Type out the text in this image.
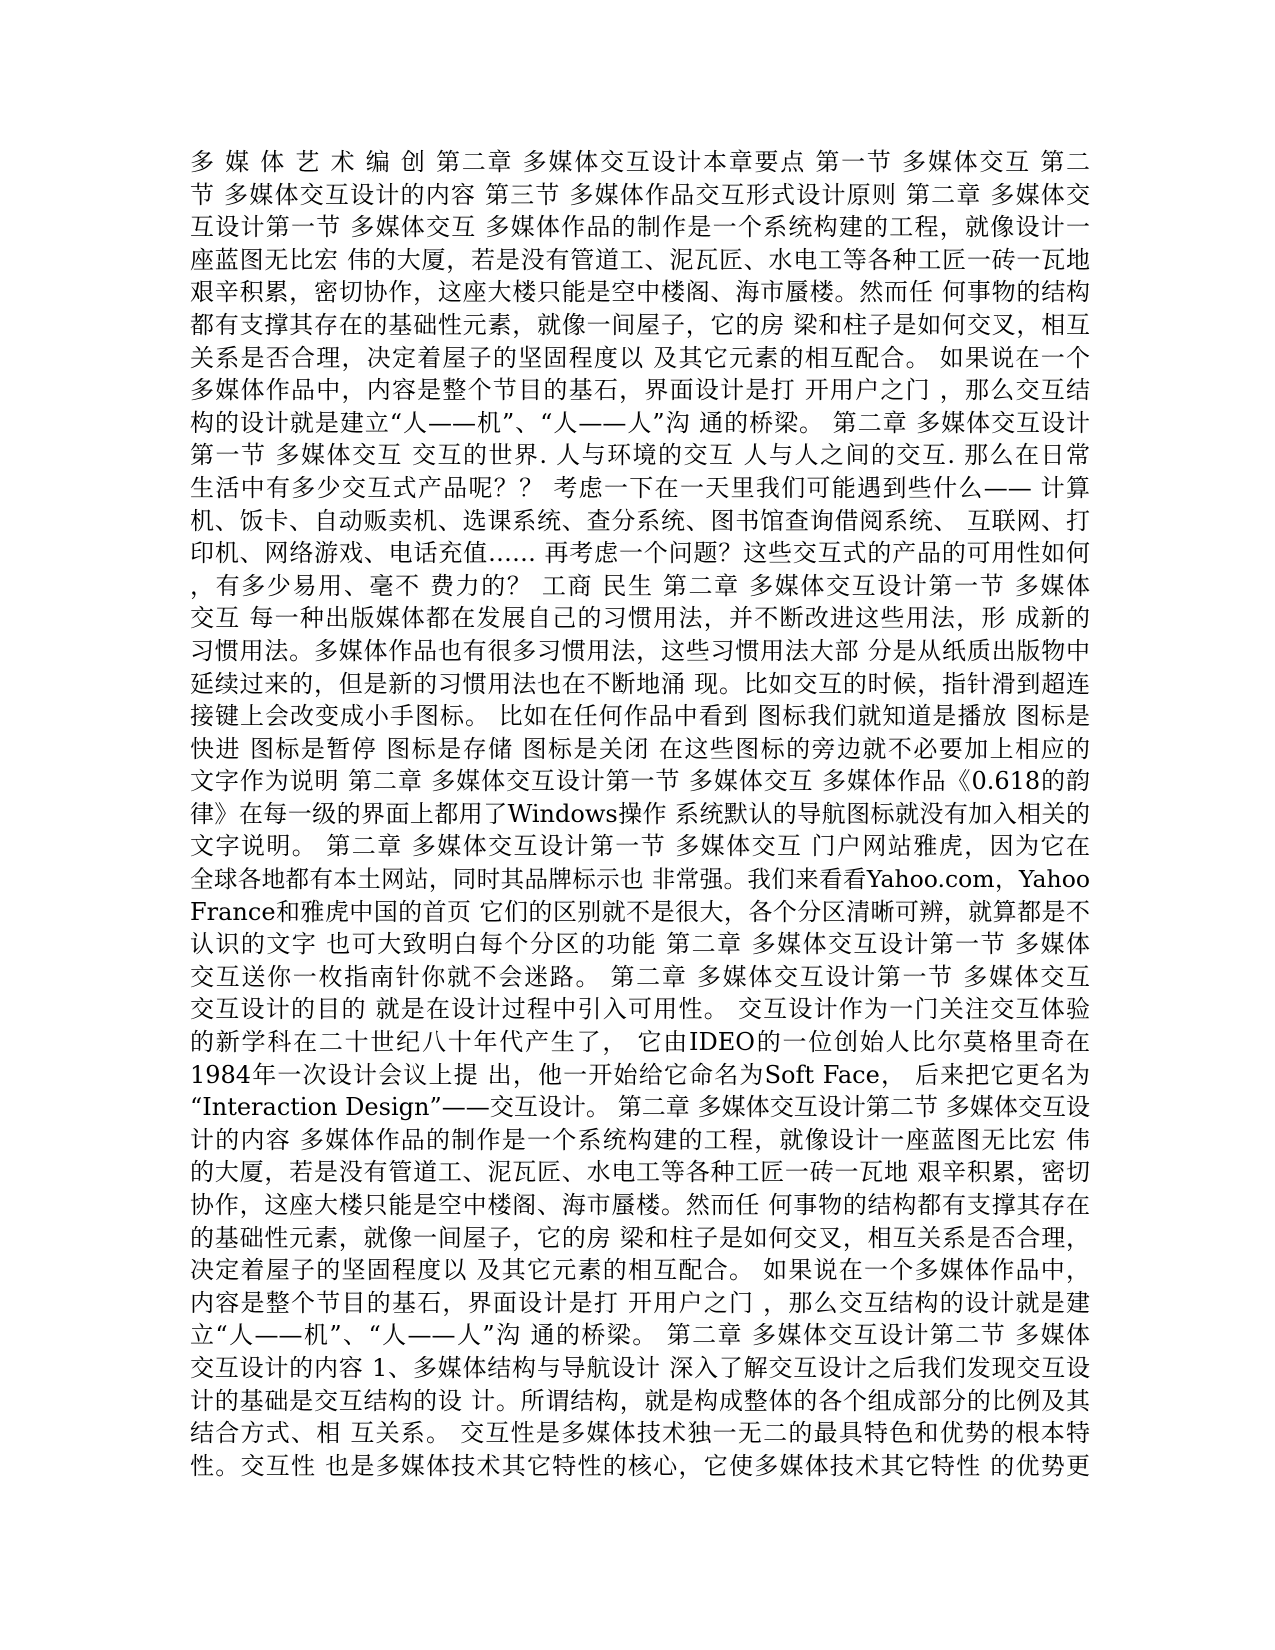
多 媒 体 艺 术 编 创 第二章 多媒体交互设计本章要点 第一节 多媒体交互 第二
节 多媒体交互设计的内容 第三节 多媒体作品交互形式设计原则 第二章 多媒体交
互设计第一节 多媒体交互 多媒体作品的制作是一个系统构建的工程，就像设计一
座蓝图无比宏 伟的大厦，若是没有管道工、泥瓦匠、水电工等各种工匠一砖一瓦地
艰辛积累，密切协作，这座大楼只能是空中楼阁、海市蜃楼。然而任 何事物的结构
都有支撑其存在的基础性元素，就像一间屋子，它的房 梁和柱子是如何交叉，相互
关系是否合理，决定着屋子的坚固程度以 及其它元素的相互配合。 如果说在一个
多媒体作品中，内容是整个节目的基石，界面设计是打 开用户之门 ，那么交互结
构的设计就是建立“人——机”、“人——人”沟 通的桥梁。 第二章 多媒体交互设计
第一节 多媒体交互 交互的世界. 人与环境的交互 人与人之间的交互. 那么在日常
生活中有多少交互式产品呢？？ 考虑一下在一天里我们可能遇到些什么—— 计算
机、饭卡、自动贩卖机、选课系统、查分系统、图书馆查询借阅系统、 互联网、打
印机、网络游戏、电话充值…… 再考虑一个问题？这些交互式的产品的可用性如何
，有多少易用、毫不 费力的？ 工商 民生 第二章 多媒体交互设计第一节 多媒体
交互 每一种出版媒体都在发展自己的习惯用法，并不断改进这些用法，形 成新的
习惯用法。多媒体作品也有很多习惯用法，这些习惯用法大部 分是从纸质出版物中
延续过来的，但是新的习惯用法也在不断地涌 现。比如交互的时候，指针滑到超连
接键上会改变成小手图标。 比如在任何作品中看到 图标我们就知道是播放 图标是
快进 图标是暂停 图标是存储 图标是关闭 在这些图标的旁边就不必要加上相应的
文字作为说明 第二章 多媒体交互设计第一节 多媒体交互 多媒体作品《0.618的韵
律》在每一级的界面上都用了Windows操作 系统默认的导航图标就没有加入相关的
文字说明。 第二章 多媒体交互设计第一节 多媒体交互 门户网站雅虎，因为它在
全球各地都有本土网站，同时其品牌标示也 非常强。我们来看看Yahoo.com，Yahoo
France和雅虎中国的首页 它们的区别就不是很大，各个分区清晰可辨，就算都是不
认识的文字 也可大致明白每个分区的功能 第二章 多媒体交互设计第一节 多媒体
交互送你一枚指南针你就不会迷路。 第二章 多媒体交互设计第一节 多媒体交互
交互设计的目的 就是在设计过程中引入可用性。 交互设计作为一门关注交互体验
的新学科在二十世纪八十年代产生了， 它由IDEO的一位创始人比尔莫格里奇在
1984年一次设计会议上提 出，他一开始给它命名为Soft Face， 后来把它更名为
“Interaction Design”——交互设计。 第二章 多媒体交互设计第二节 多媒体交互设
计的内容 多媒体作品的制作是一个系统构建的工程，就像设计一座蓝图无比宏 伟
的大厦，若是没有管道工、泥瓦匠、水电工等各种工匠一砖一瓦地 艰辛积累，密切
协作，这座大楼只能是空中楼阁、海市蜃楼。然而任 何事物的结构都有支撑其存在
的基础性元素，就像一间屋子，它的房 梁和柱子是如何交叉，相互关系是否合理，
决定着屋子的坚固程度以 及其它元素的相互配合。 如果说在一个多媒体作品中，
内容是整个节目的基石，界面设计是打 开用户之门 ，那么交互结构的设计就是建
立“人——机”、“人——人”沟 通的桥梁。 第二章 多媒体交互设计第二节 多媒体
交互设计的内容 1、多媒体结构与导航设计 深入了解交互设计之后我们发现交互设
计的基础是交互结构的设 计。所谓结构，就是构成整体的各个组成部分的比例及其
结合方式、相 互关系。 交互性是多媒体技术独一无二的最具特色和优势的根本特
性。交互性 也是多媒体技术其它特性的核心，它使多媒体技术其它特性 的优势更
